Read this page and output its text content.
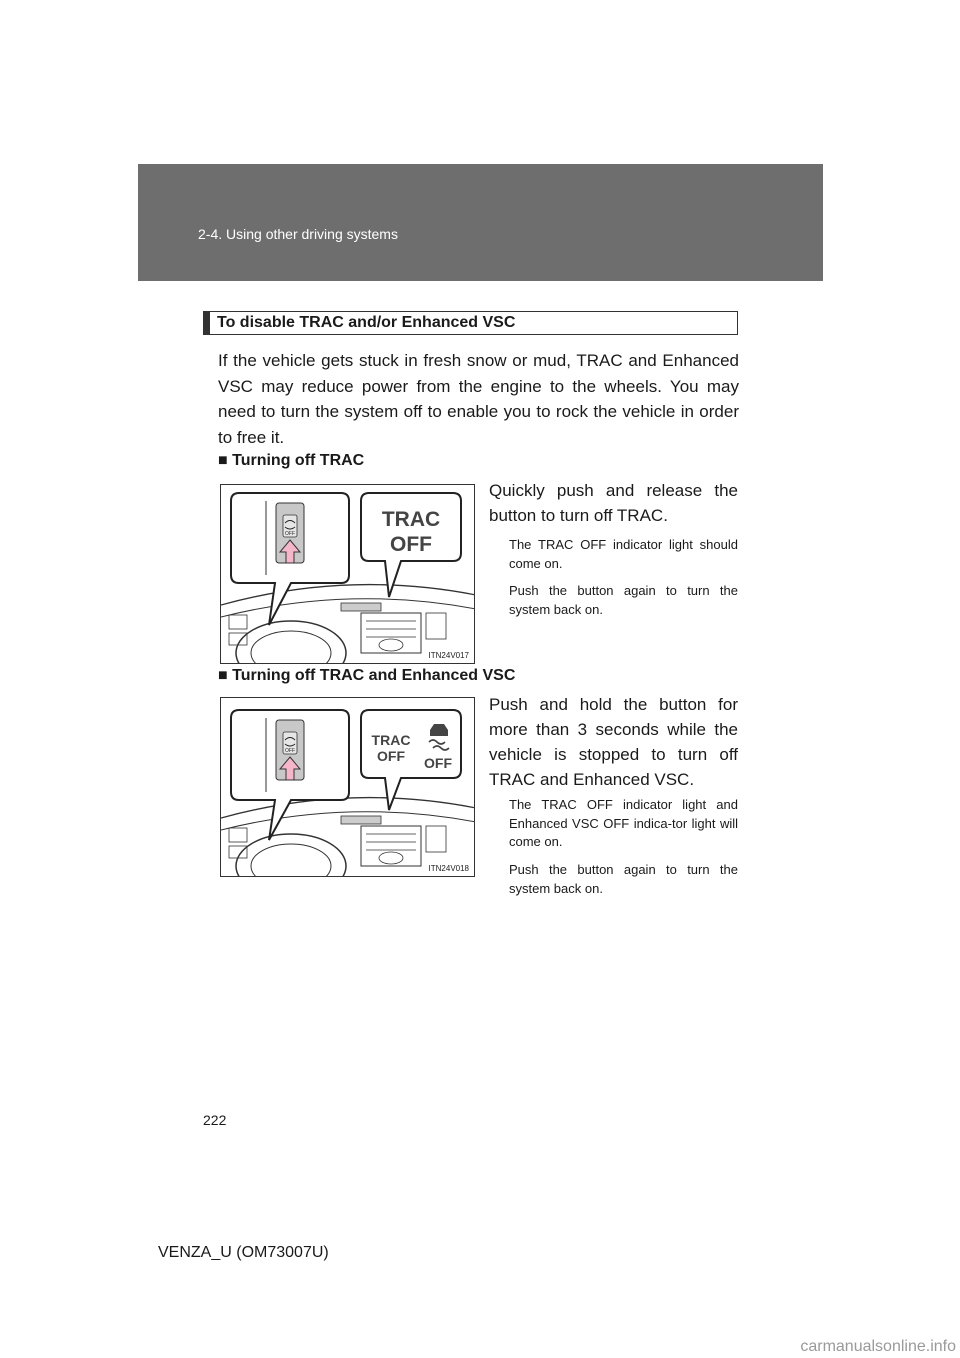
2-4. Using other driving systems
To disable TRAC and/or Enhanced VSC
If the vehicle gets stuck in fresh snow or mud, TRAC and Enhanced VSC may reduce power from the engine to the wheels. You may need to turn the system off to enable you to rock the vehicle in order to free it.
■ Turning off TRAC
OFF
TRAC
OFF
ITN24V017
Quickly push and release the button to turn off TRAC.
The TRAC OFF indicator light should come on.
Push the button again to turn the system back on.
■ Turning off TRAC and Enhanced VSC
OFF
TRAC
OFF OFF
ITN24V018
Push and hold the button for more than 3 seconds while the vehicle is stopped to turn off TRAC and Enhanced VSC.
The TRAC OFF indicator light and Enhanced VSC OFF indica-tor light will come on.
Push the button again to turn the system back on.
222
VENZA_U (OM73007U)
carmanualsonline.info
